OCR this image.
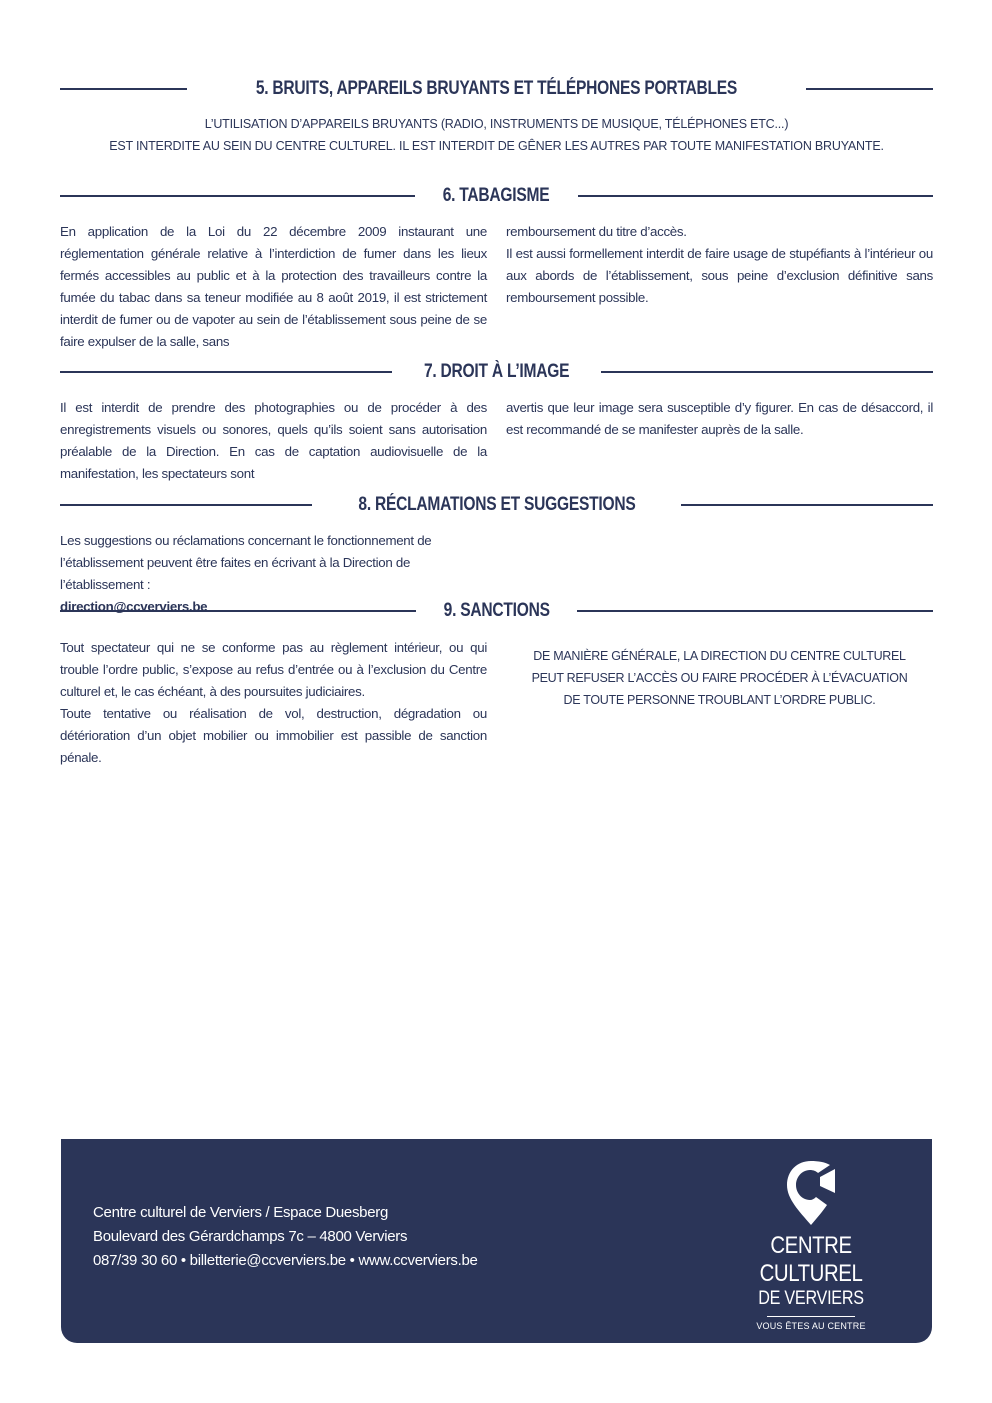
5. BRUITS, APPAREILS BRUYANTS ET TÉLÉPHONES PORTABLES
L’UTILISATION D’APPAREILS BRUYANTS (RADIO, INSTRUMENTS DE MUSIQUE, TÉLÉPHONES ETC...)
EST INTERDITE AU SEIN DU CENTRE CULTUREL. IL EST INTERDIT DE GÊNER LES AUTRES PAR TOUTE MANIFESTATION BRUYANTE.
6. TABAGISME

En application de la Loi du 22 décembre 2009 instaurant une réglementation générale relative à l’interdiction de fumer dans les lieux fermés accessibles au public et à la protection des travailleurs contre la fumée du tabac dans sa teneur modifiée au 8 août 2019, il est strictement interdit de fumer ou de vapoter au sein de l’établissement sous peine de se faire expulser de la salle, sans

remboursement du titre d’accès.

Il est aussi formellement interdit de faire usage de stupéfiants à l’intérieur ou aux abords de l’établissement, sous peine d’exclusion définitive sans remboursement possible.

7. DROIT À L’IMAGE

Il est interdit de prendre des photographies ou de procéder à des enregistrements visuels ou sonores, quels qu’ils soient sans autorisation préalable de la Direction. En cas de captation audiovisuelle de la manifestation, les spectateurs sont

avertis que leur image sera susceptible d’y figurer. En cas de désaccord, il est recommandé de se manifester auprès de la salle.

8. RÉCLAMATIONS ET SUGGESTIONS

Les suggestions ou réclamations concernant le fonctionnement de l’établissement peuvent être faites en écrivant à la Direction de l’établissement :

direction@ccverviers.be	9. SANCTIONS

Tout spectateur qui ne se conforme pas au règlement intérieur, ou qui trouble l’ordre public, s’expose au refus d’entrée ou à l’exclusion du Centre culturel et, le cas échéant, à des poursuites judiciaires.

Toute tentative ou réalisation de vol, destruction, dégradation ou détérioration d’un objet mobilier ou immobilier est passible de sanction pénale.

DE MANIÈRE GÉNÉRALE, LA DIRECTION DU CENTRE CULTUREL
PEUT REFUSER L’ACCÈS OU FAIRE PROCÉDER À L’ÉVACUATION
DE TOUTE PERSONNE TROUBLANT L’ORDRE PUBLIC.
Centre culturel de Verviers / Espace Duesberg
Boulevard des Gérardchamps 7c – 4800 Verviers
087/39 30 60 • billetterie@ccverviers.be • www.ccverviers.be
CENTRE CULTUREL
DE VERVIERS
VOUS ÊTES AU CENTRE
